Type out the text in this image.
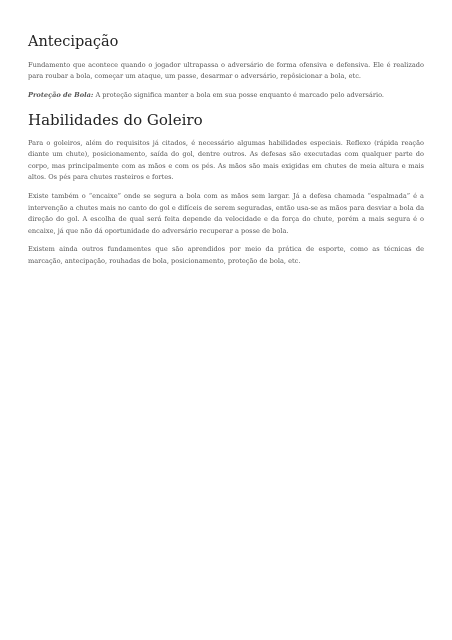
Antecipação

Fundamento que acontece quando o jogador ultrapassa o adversário de forma ofensiva e defensiva. Ele é realizado para roubar a bola, começar um ataque, um passe, desarmar o adversário, repôsicionar a bola, etc.

Proteção de Bola: A proteção significa manter a bola em sua posse enquanto é marcado pelo adversário.

Habilidades do Goleiro

Para o goleiros, além do requisitos já citados, é necessário algumas habilidades especiais. Reflexo (rápida reação diante um chute), posicionamento, saída do gol, dentre outros. As defesas são executadas com qualquer parte do corpo, mas principalmente com as mãos e com os pés. As mãos são mais exigidas em chutes de meia altura e mais altos. Os pés para chutes rasteiros e fortes.

Existe também o “encaixe” onde se segura a bola com as mãos sem largar. Já a defesa chamada “espalmada” é a intervenção a chutes mais no canto do gol e difíceis de serem seguradas, então usa-se as mãos para desviar a bola da direção do gol. A escolha de qual será feita depende da velocidade e da força do chute, porém a mais segura é o encaixe, já que não dá oportunidade do adversário recuperar a posse de bola.

Existem ainda outros fundamentes que são aprendidos por meio da prática de esporte, como as técnicas de marcação, antecipação, rouhadas de bola, posicionamento, proteção de bola, etc.
